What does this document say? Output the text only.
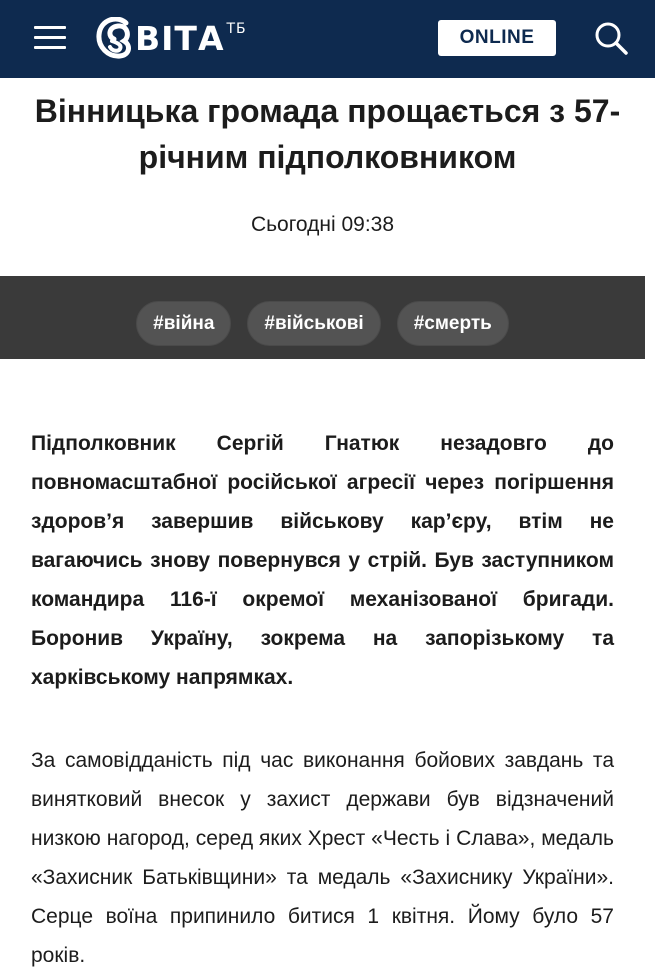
ВІТА ТБ	ONLINE
Вінницька громада прощається з 57-річним підполковником
Сьогодні 09:38
#війна	#військові	#смерть

Підполковник Сергій Гнатюк незадовго до повномасштабної російської агресії через погіршення здоров’я завершив військову кар’єру, втім не вагаючись знову повернувся у стрій. Був заступником командира 116-ї окремої механізованої бригади. Боронив Україну, зокрема на запорізькому та харківському напрямках.

За самовідданість під час виконання бойових завдань та винятковий внесок у захист держави був відзначений низкою нагород, серед яких Хрест «Честь і Слава», медаль «Захисник Батьківщини» та медаль «Захиснику України». Серце воїна припинило битися 1 квітня. Йому було 57 років.
